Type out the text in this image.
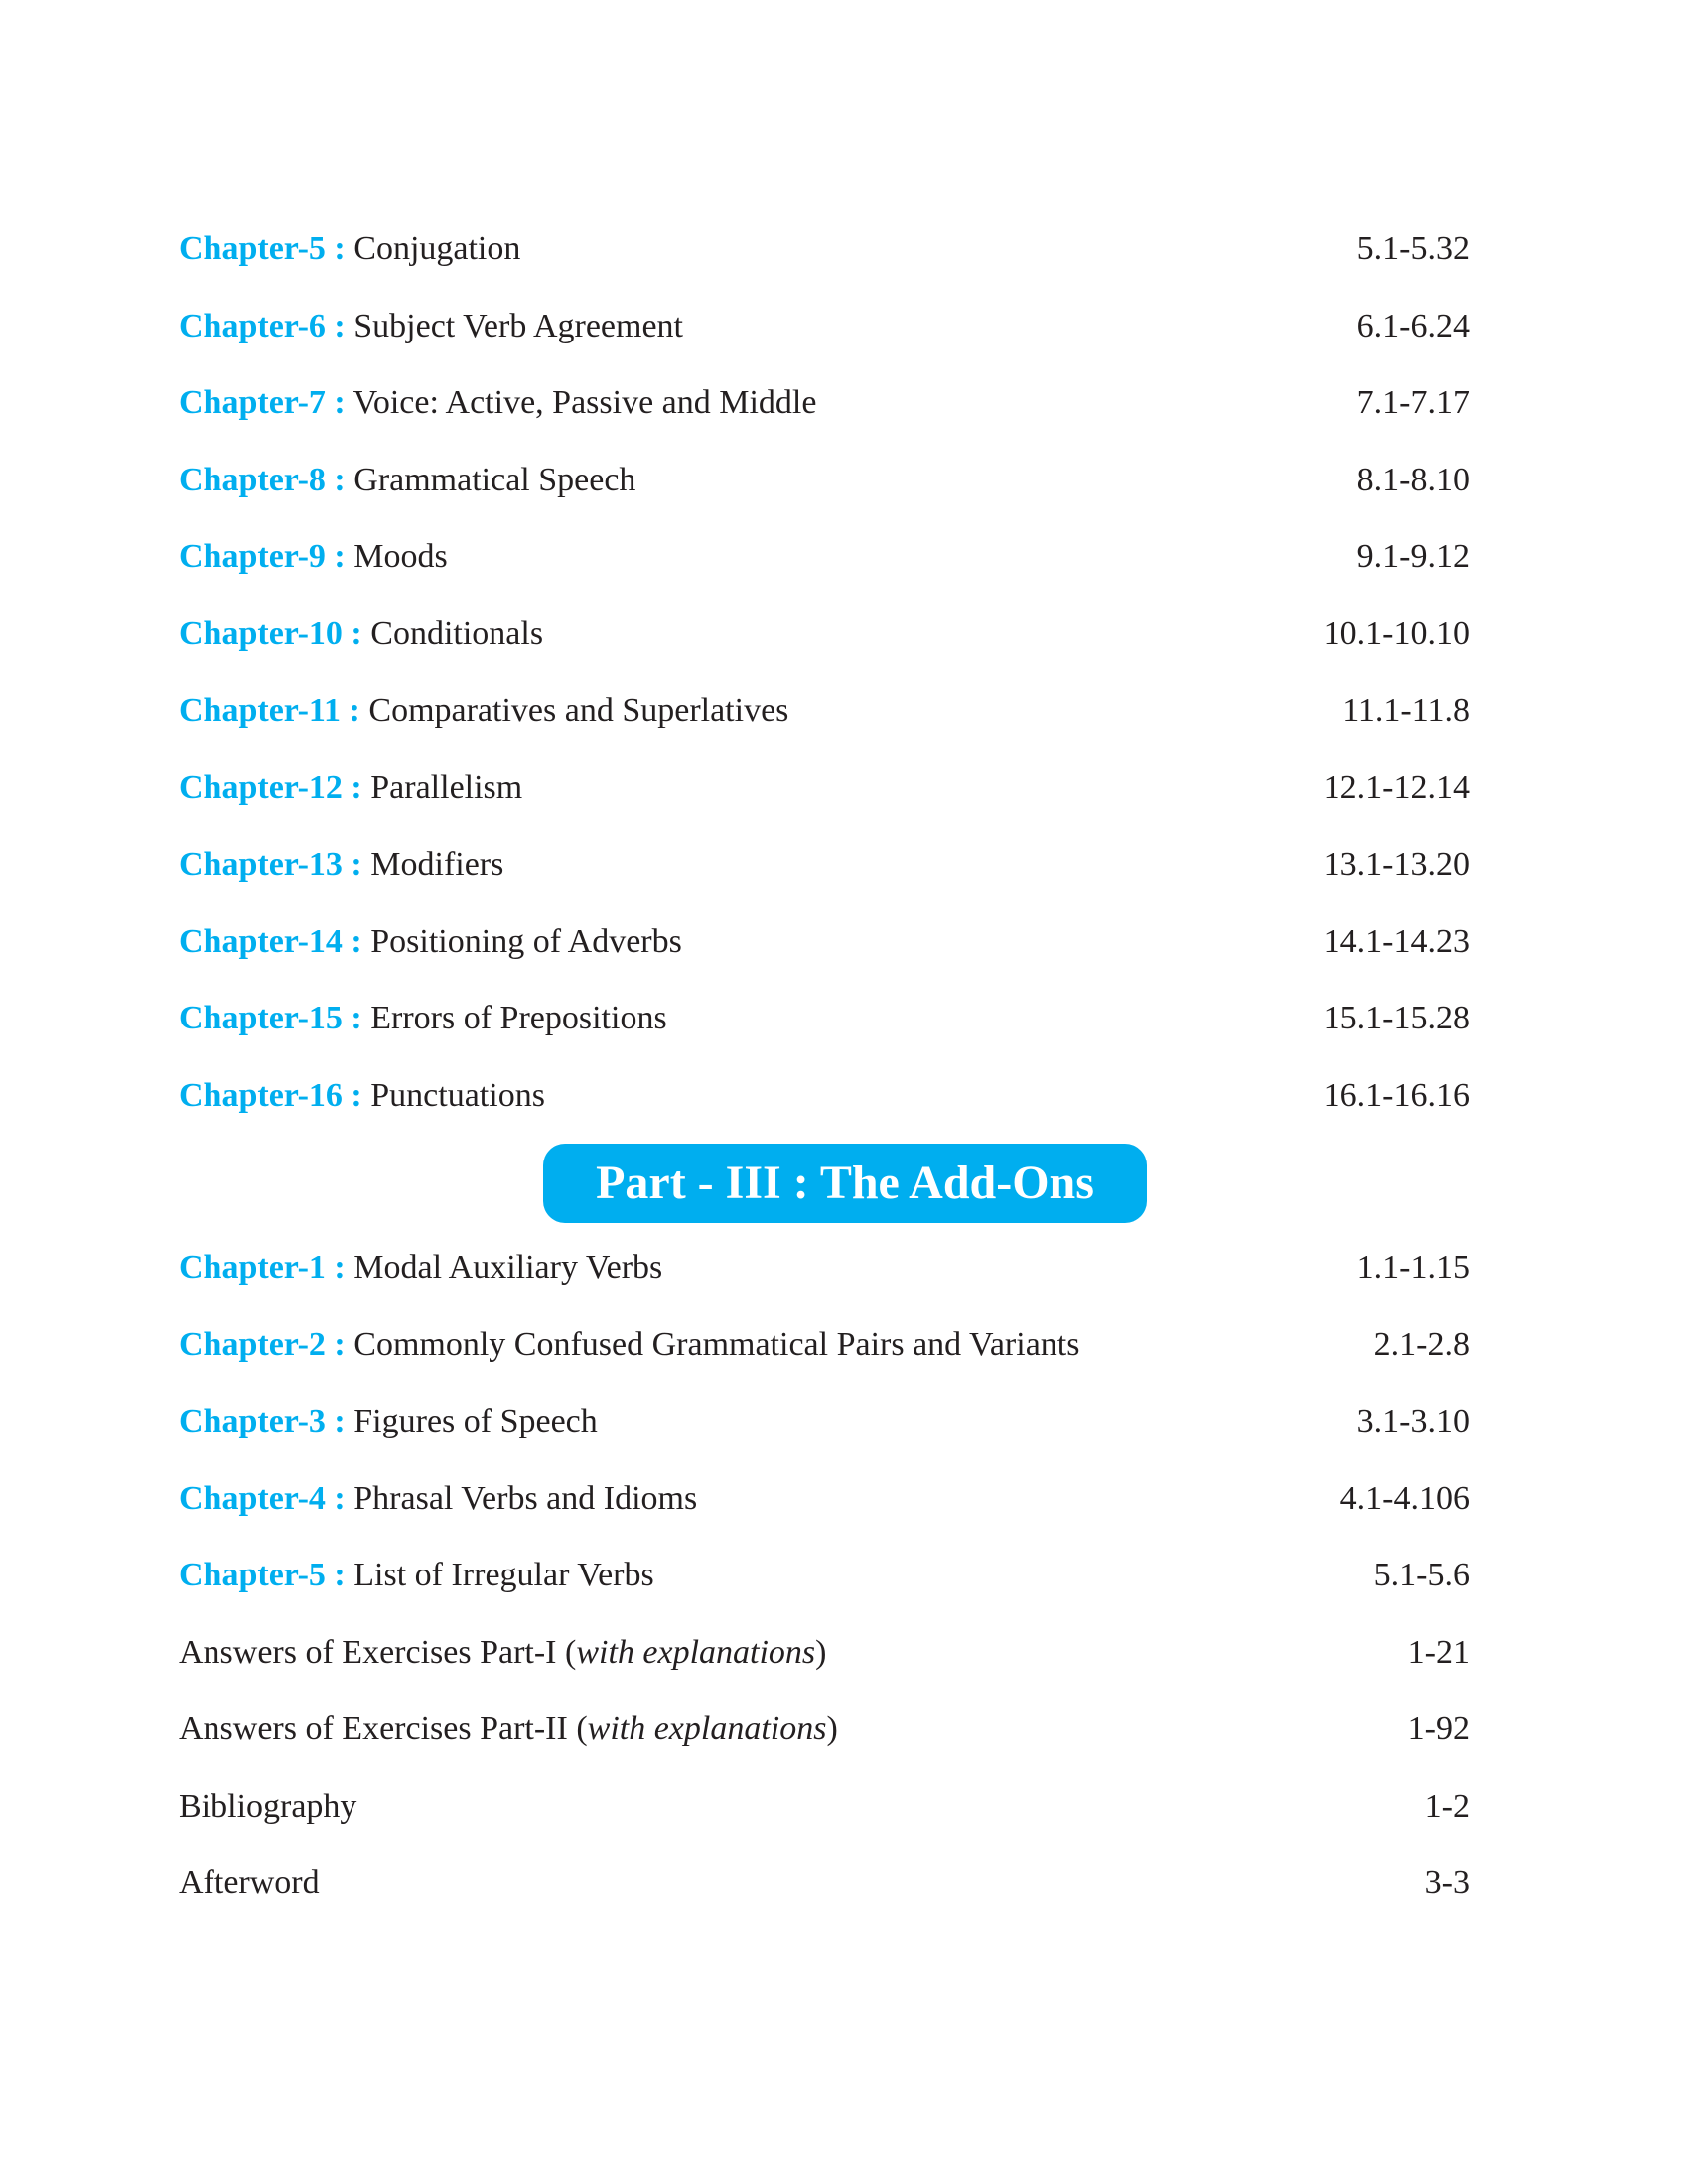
Chapter-5 : Conjugation	5.1-5.32
Chapter-6 : Subject Verb Agreement	6.1-6.24
Chapter-7 : Voice: Active, Passive and Middle	7.1-7.17
Chapter-8 : Grammatical Speech	8.1-8.10
Chapter-9 : Moods	9.1-9.12
Chapter-10 : Conditionals	10.1-10.10
Chapter-11 : Comparatives and Superlatives	11.1-11.8
Chapter-12 : Parallelism	12.1-12.14
Chapter-13 : Modifiers	13.1-13.20
Chapter-14 : Positioning of Adverbs	14.1-14.23
Chapter-15 : Errors of Prepositions	15.1-15.28
Chapter-16 : Punctuations	16.1-16.16
Part - III : The Add-Ons
Chapter-1 : Modal Auxiliary Verbs	1.1-1.15
Chapter-2 : Commonly Confused Grammatical Pairs and Variants	2.1-2.8
Chapter-3 : Figures of Speech	3.1-3.10
Chapter-4 : Phrasal Verbs and Idioms	4.1-4.106
Chapter-5 : List of Irregular Verbs	5.1-5.6
Answers of Exercises Part-I (with explanations)	1-21
Answers of Exercises Part-II (with explanations)	1-92
Bibliography	1-2
Afterword	3-3
